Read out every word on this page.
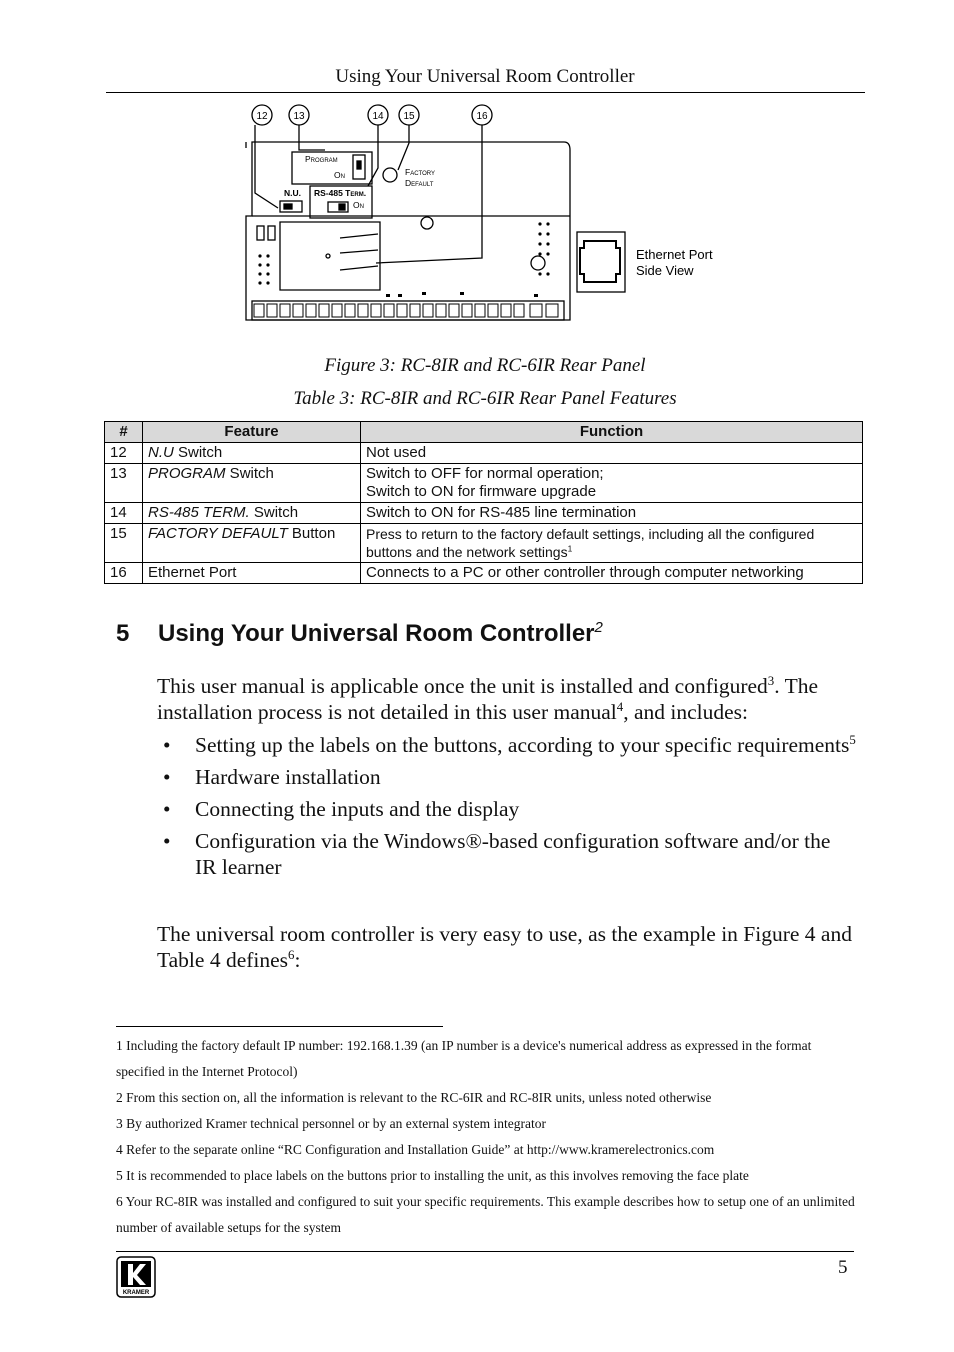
Using Your Universal Room Controller
12	13	14 15	16
Program
On	Factory
Default
N.U. RS-485 Term.
On
Ethernet Port
Side View
Figure 3: RC-8IR and RC-6IR Rear Panel
Table 3: RC-8IR and RC-6IR Rear Panel Features
#	Feature	Function
12	N.U Switch	Not used
13	PROGRAM Switch	Switch to OFF for normal operation;
Switch to ON for firmware upgrade
14	RS-485 TERM. Switch	Switch to ON for RS-485 line termination
15	FACTORY DEFAULT Button	Press to return to the factory default settings, including all the configured
buttons and the network settings$^1$
16	Ethernet Port	Connects to a PC or other controller through computer networking
5 Using Your Universal Room Controller$^2$
This user manual is applicable once the unit is installed and configured$^3$. The installation process is not detailed in this user manual$^4$, and includes:
• Setting up the labels on the buttons, according to your specific requirements$^5$
• Hardware installation
• Connecting the inputs and the display
• Configuration via the Windows®-based configuration software and/or the IR learner
The universal room controller is very easy to use, as the example in Figure 4 and Table 4 defines$^6$:
1 Including the factory default IP number: 192.168.1.39 (an IP number is a device's numerical address as expressed in the format specified in the Internet Protocol)
2 From this section on, all the information is relevant to the RC-6IR and RC-8IR units, unless noted otherwise
3 By authorized Kramer technical personnel or by an external system integrator
4 Refer to the separate online “RC Configuration and Installation Guide” at http://www.kramerelectronics.com
5 It is recommended to place labels on the buttons prior to installing the unit, as this involves removing the face plate
6 Your RC-8IR was installed and configured to suit your specific requirements. This example describes how to setup one of an unlimited number of available setups for the system
KRAMER
5
